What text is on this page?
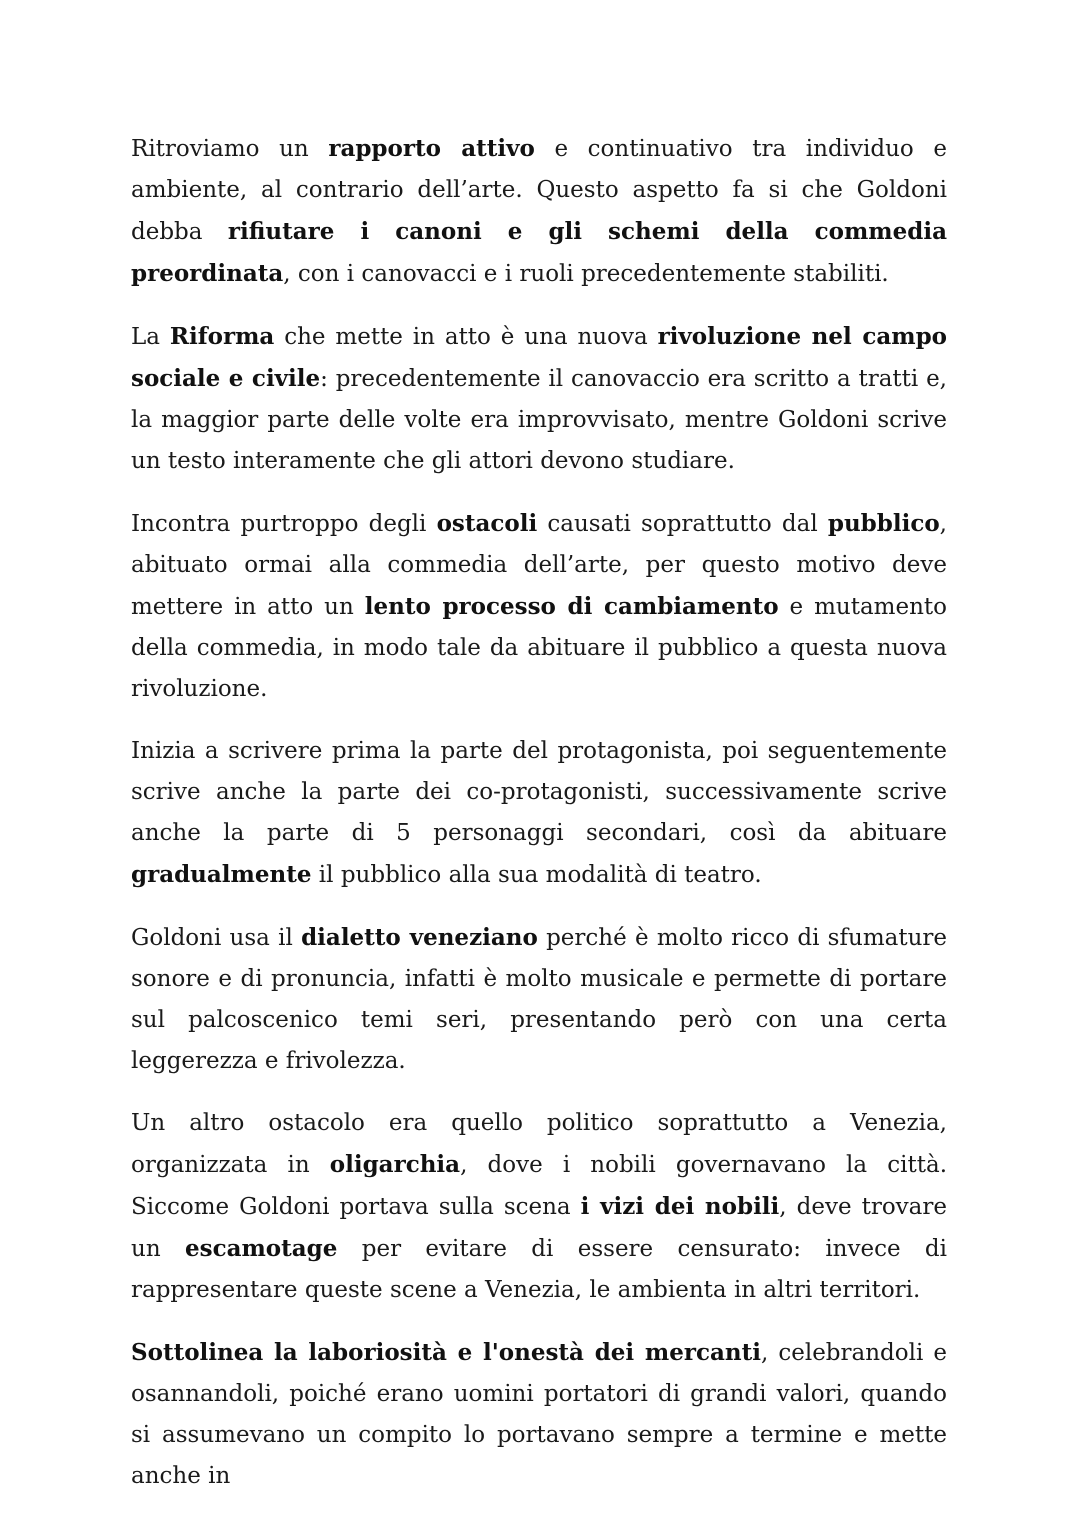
Ritroviamo un rapporto attivo e continuativo tra individuo e ambiente, al contrario dell’arte. Questo aspetto fa si che Goldoni debba rifiutare i canoni e gli schemi della commedia preordinata, con i canovacci e i ruoli precedentemente stabiliti.

La Riforma che mette in atto è una nuova rivoluzione nel campo sociale e civile: precedentemente il canovaccio era scritto a tratti e, la maggior parte delle volte era improvvisato, mentre Goldoni scrive un testo interamente che gli attori devono studiare.

Incontra purtroppo degli ostacoli causati soprattutto dal pubblico, abituato ormai alla commedia dell’arte, per questo motivo deve mettere in atto un lento processo di cambiamento e mutamento della commedia, in modo tale da abituare il pubblico a questa nuova rivoluzione.

Inizia a scrivere prima la parte del protagonista, poi seguentemente scrive anche la parte dei co-protagonisti, successivamente scrive anche la parte di 5 personaggi secondari, così da abituare gradualmente il pubblico alla sua modalità di teatro.

Goldoni usa il dialetto veneziano perché è molto ricco di sfumature sonore e di pronuncia, infatti è molto musicale e permette di portare sul palcoscenico temi seri, presentando però con una certa leggerezza e frivolezza.

Un altro ostacolo era quello politico soprattutto a Venezia, organizzata in oligarchia, dove i nobili governavano la città. Siccome Goldoni portava sulla scena i vizi dei nobili, deve trovare un escamotage per evitare di essere censurato: invece di rappresentare queste scene a Venezia, le ambienta in altri territori.

Sottolinea la laboriosità e l'onestà dei mercanti, celebrandoli e osannandoli, poiché erano uomini portatori di grandi valori, quando si assumevano un compito lo portavano sempre a termine e mette anche in
